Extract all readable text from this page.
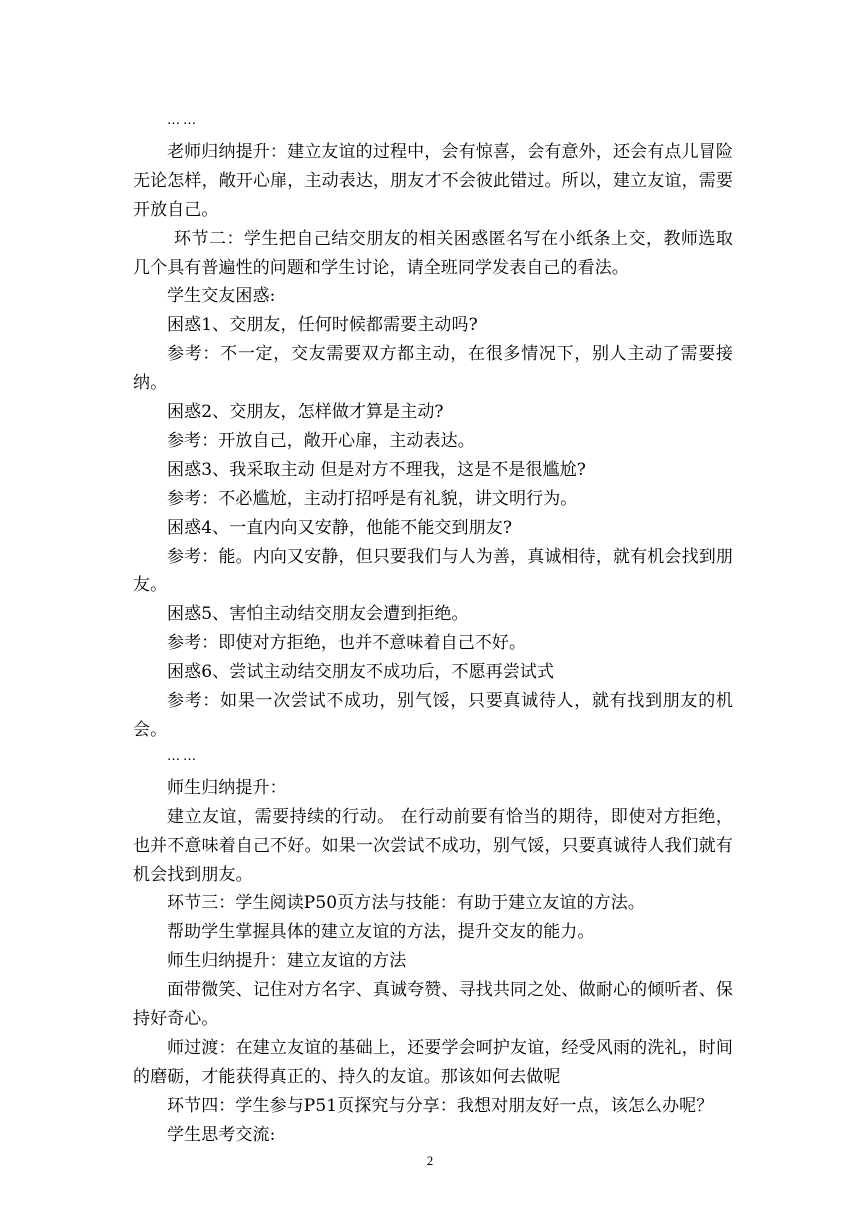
……

老师归纳提升：建立友谊的过程中，会有惊喜，会有意外，还会有点儿冒险无论怎样，敞开心扉，主动表达，朋友才不会彼此错过。所以，建立友谊，需要开放自己。

环节二：学生把自己结交朋友的相关困惑匿名写在小纸条上交，教师选取几个具有普遍性的问题和学生讨论，请全班同学发表自己的看法。

学生交友困惑:

困惑1、交朋友，任何时候都需要主动吗?

参考：不一定，交友需要双方都主动，在很多情况下，别人主动了需要接纳。

困惑2、交朋友，怎样做才算是主动?

参考：开放自己，敞开心扉，主动表达。

困惑3、我采取主动 但是对方不理我，这是不是很尴尬?

参考：不必尴尬，主动打招呼是有礼貌，讲文明行为。

困惑4、一直内向又安静，他能不能交到朋友?

参考：能。内向又安静，但只要我们与人为善，真诚相待，就有机会找到朋友。

困惑5、害怕主动结交朋友会遭到拒绝。

参考：即使对方拒绝，也并不意味着自己不好。

困惑6、尝试主动结交朋友不成功后，不愿再尝试式

参考：如果一次尝试不成功，别气馁，只要真诚待人，就有找到朋友的机会。

……

师生归纳提升：

建立友谊，需要持续的行动。 在行动前要有恰当的期待，即使对方拒绝，也并不意味着自己不好。如果一次尝试不成功，别气馁，只要真诚待人我们就有机会找到朋友。

环节三：学生阅读P50页方法与技能：有助于建立友谊的方法。

帮助学生掌握具体的建立友谊的方法，提升交友的能力。

师生归纳提升：建立友谊的方法

面带微笑、记住对方名字、真诚夸赞、寻找共同之处、做耐心的倾听者、保持好奇心。

师过渡：在建立友谊的基础上，还要学会呵护友谊，经受风雨的洗礼，时间的磨砺，才能获得真正的、持久的友谊。那该如何去做呢

环节四：学生参与P51页探究与分享：我想对朋友好一点，该怎么办呢？

学生思考交流:

2
